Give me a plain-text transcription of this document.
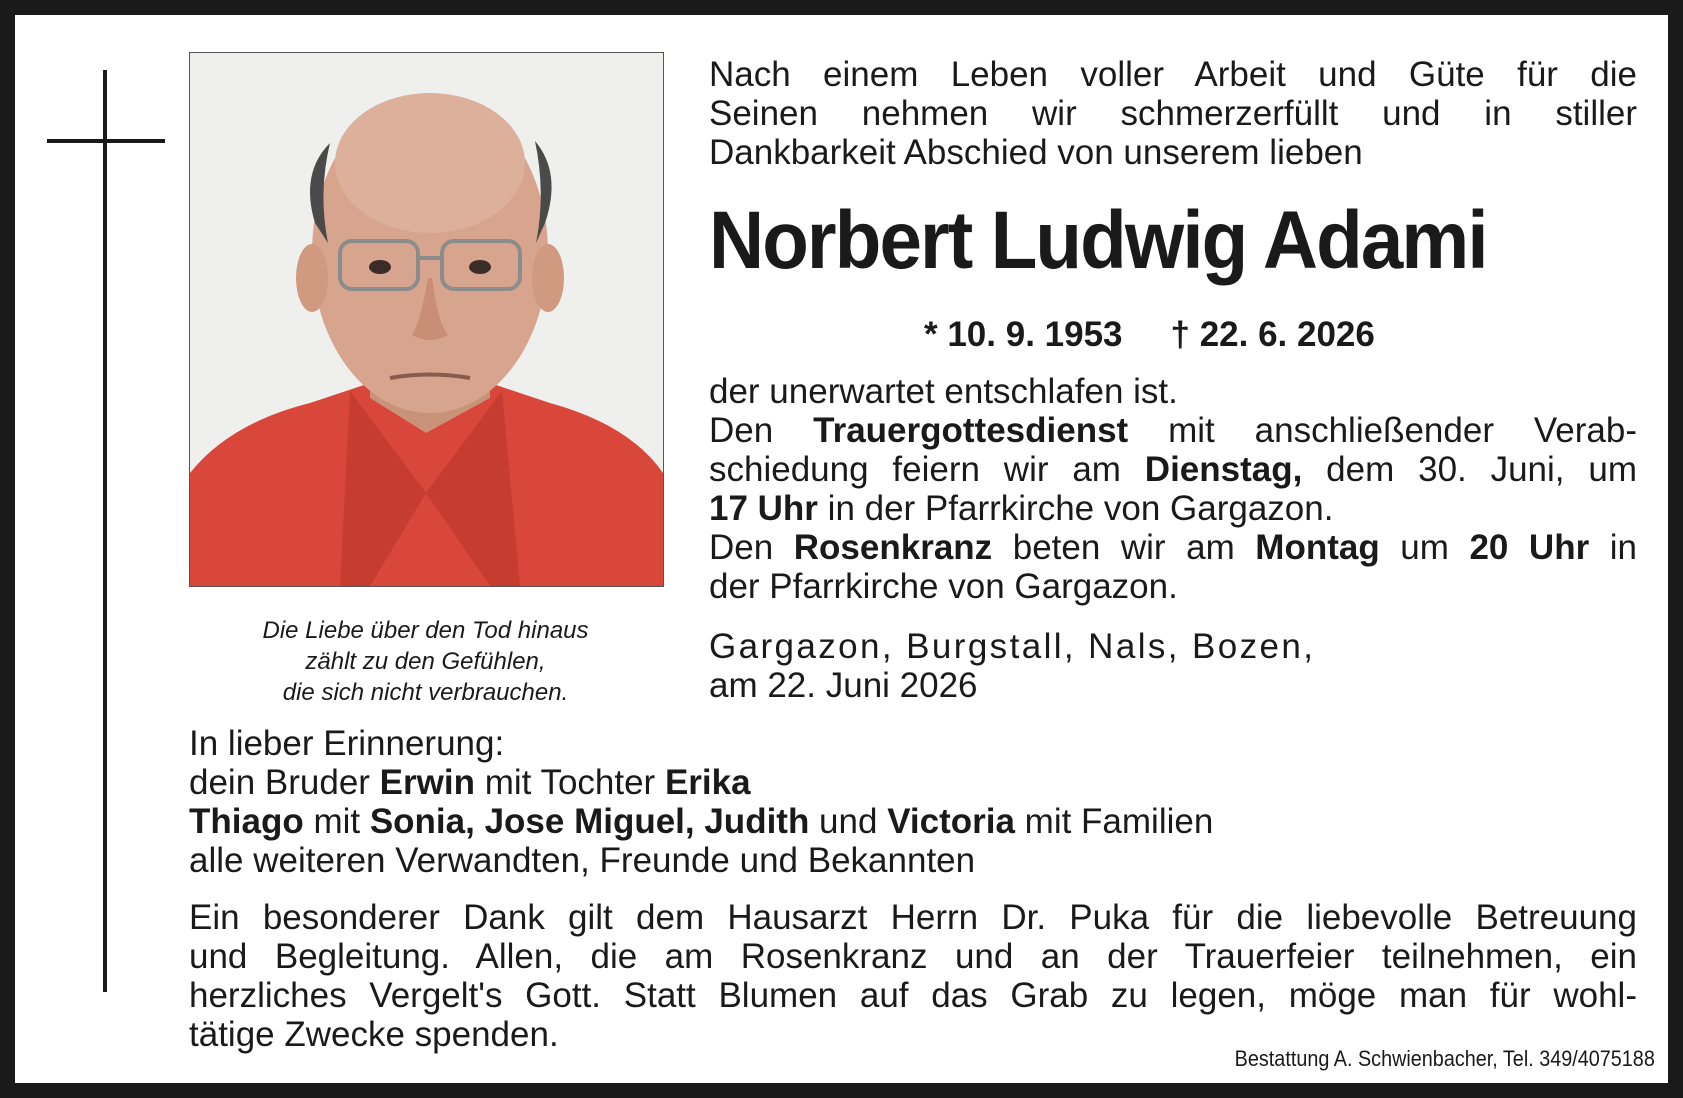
Die Liebe über den Tod hinaus
zählt zu den Gefühlen,
die sich nicht verbrauchen.
Nach einem Leben voller Arbeit und Güte für die
Seinen nehmen wir schmerzerfüllt und in stiller
Dankbarkeit Abschied von unserem lieben
Norbert Ludwig Adami
* 10. 9. 1953 † 22. 6. 2026
der unerwartet entschlafen ist.
Den Trauergottesdienst mit anschließender Verab-
schiedung feiern wir am Dienstag, dem 30. Juni, um
17 Uhr in der Pfarrkirche von Gargazon.
Den Rosenkranz beten wir am Montag um 20 Uhr in
der Pfarrkirche von Gargazon.
Gargazon, Burgstall, Nals, Bozen,
am 22. Juni 2026
In lieber Erinnerung:
dein Bruder Erwin mit Tochter Erika
Thiago mit Sonia, Jose Miguel, Judith und Victoria mit Familien
alle weiteren Verwandten, Freunde und Bekannten
Ein besonderer Dank gilt dem Hausarzt Herrn Dr. Puka für die liebevolle Betreuung
und Begleitung. Allen, die am Rosenkranz und an der Trauerfeier teilnehmen, ein
herzliches Vergelt's Gott. Statt Blumen auf das Grab zu legen, möge man für wohl-
tätige Zwecke spenden.
Bestattung A. Schwienbacher, Tel. 349/4075188
